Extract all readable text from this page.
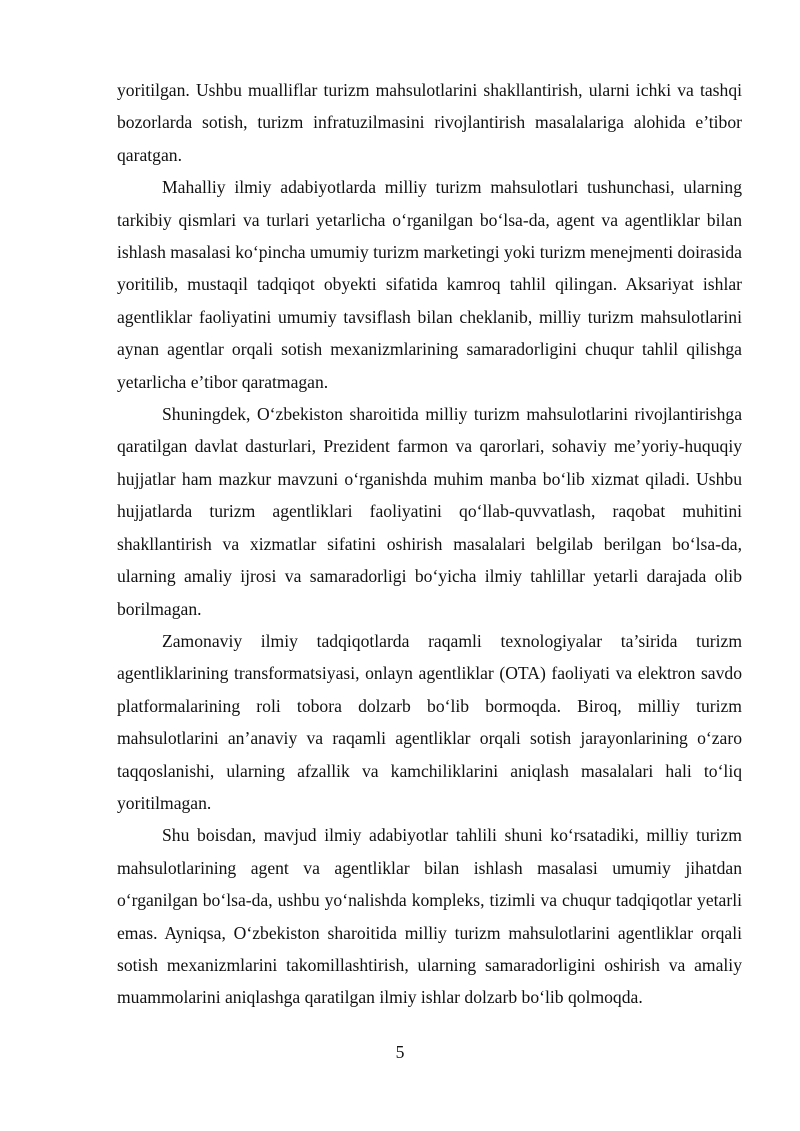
yoritilgan. Ushbu mualliflar turizm mahsulotlarini shakllantirish, ularni ichki va tashqi bozorlarda sotish, turizm infratuzilmasini rivojlantirish masalalariga alohida e’tibor qaratgan.

Mahalliy ilmiy adabiyotlarda milliy turizm mahsulotlari tushunchasi, ularning tarkibiy qismlari va turlari yetarlicha o‘rganilgan bo‘lsa-da, agent va agentliklar bilan ishlash masalasi ko‘pincha umumiy turizm marketingi yoki turizm menejmenti doirasida yoritilib, mustaqil tadqiqot obyekti sifatida kamroq tahlil qilingan. Aksariyat ishlar agentliklar faoliyatini umumiy tavsiflash bilan cheklanib, milliy turizm mahsulotlarini aynan agentlar orqali sotish mexanizmlarining samaradorligini chuqur tahlil qilishga yetarlicha e’tibor qaratmagan.

Shuningdek, O‘zbekiston sharoitida milliy turizm mahsulotlarini rivojlantirishga qaratilgan davlat dasturlari, Prezident farmon va qarorlari, sohaviy me’yoriy-huquqiy hujjatlar ham mazkur mavzuni o‘rganishda muhim manba bo‘lib xizmat qiladi. Ushbu hujjatlarda turizm agentliklari faoliyatini qo‘llab-quvvatlash, raqobat muhitini shakllantirish va xizmatlar sifatini oshirish masalalari belgilab berilgan bo‘lsa-da, ularning amaliy ijrosi va samaradorligi bo‘yicha ilmiy tahlillar yetarli darajada olib borilmagan.

Zamonaviy ilmiy tadqiqotlarda raqamli texnologiyalar ta’sirida turizm agentliklarining transformatsiyasi, onlayn agentliklar (OTA) faoliyati va elektron savdo platformalarining roli tobora dolzarb bo‘lib bormoqda. Biroq, milliy turizm mahsulotlarini an’anaviy va raqamli agentliklar orqali sotish jarayonlarining o‘zaro taqqoslanishi, ularning afzallik va kamchiliklarini aniqlash masalalari hali to‘liq yoritilmagan.

Shu boisdan, mavjud ilmiy adabiyotlar tahlili shuni ko‘rsatadiki, milliy turizm mahsulotlarining agent va agentliklar bilan ishlash masalasi umumiy jihatdan o‘rganilgan bo‘lsa-da, ushbu yo‘nalishda kompleks, tizimli va chuqur tadqiqotlar yetarli emas. Ayniqsa, O‘zbekiston sharoitida milliy turizm mahsulotlarini agentliklar orqali sotish mexanizmlarini takomillashtirish, ularning samaradorligini oshirish va amaliy muammolarini aniqlashga qaratilgan ilmiy ishlar dolzarb bo‘lib qolmoqda.

5
